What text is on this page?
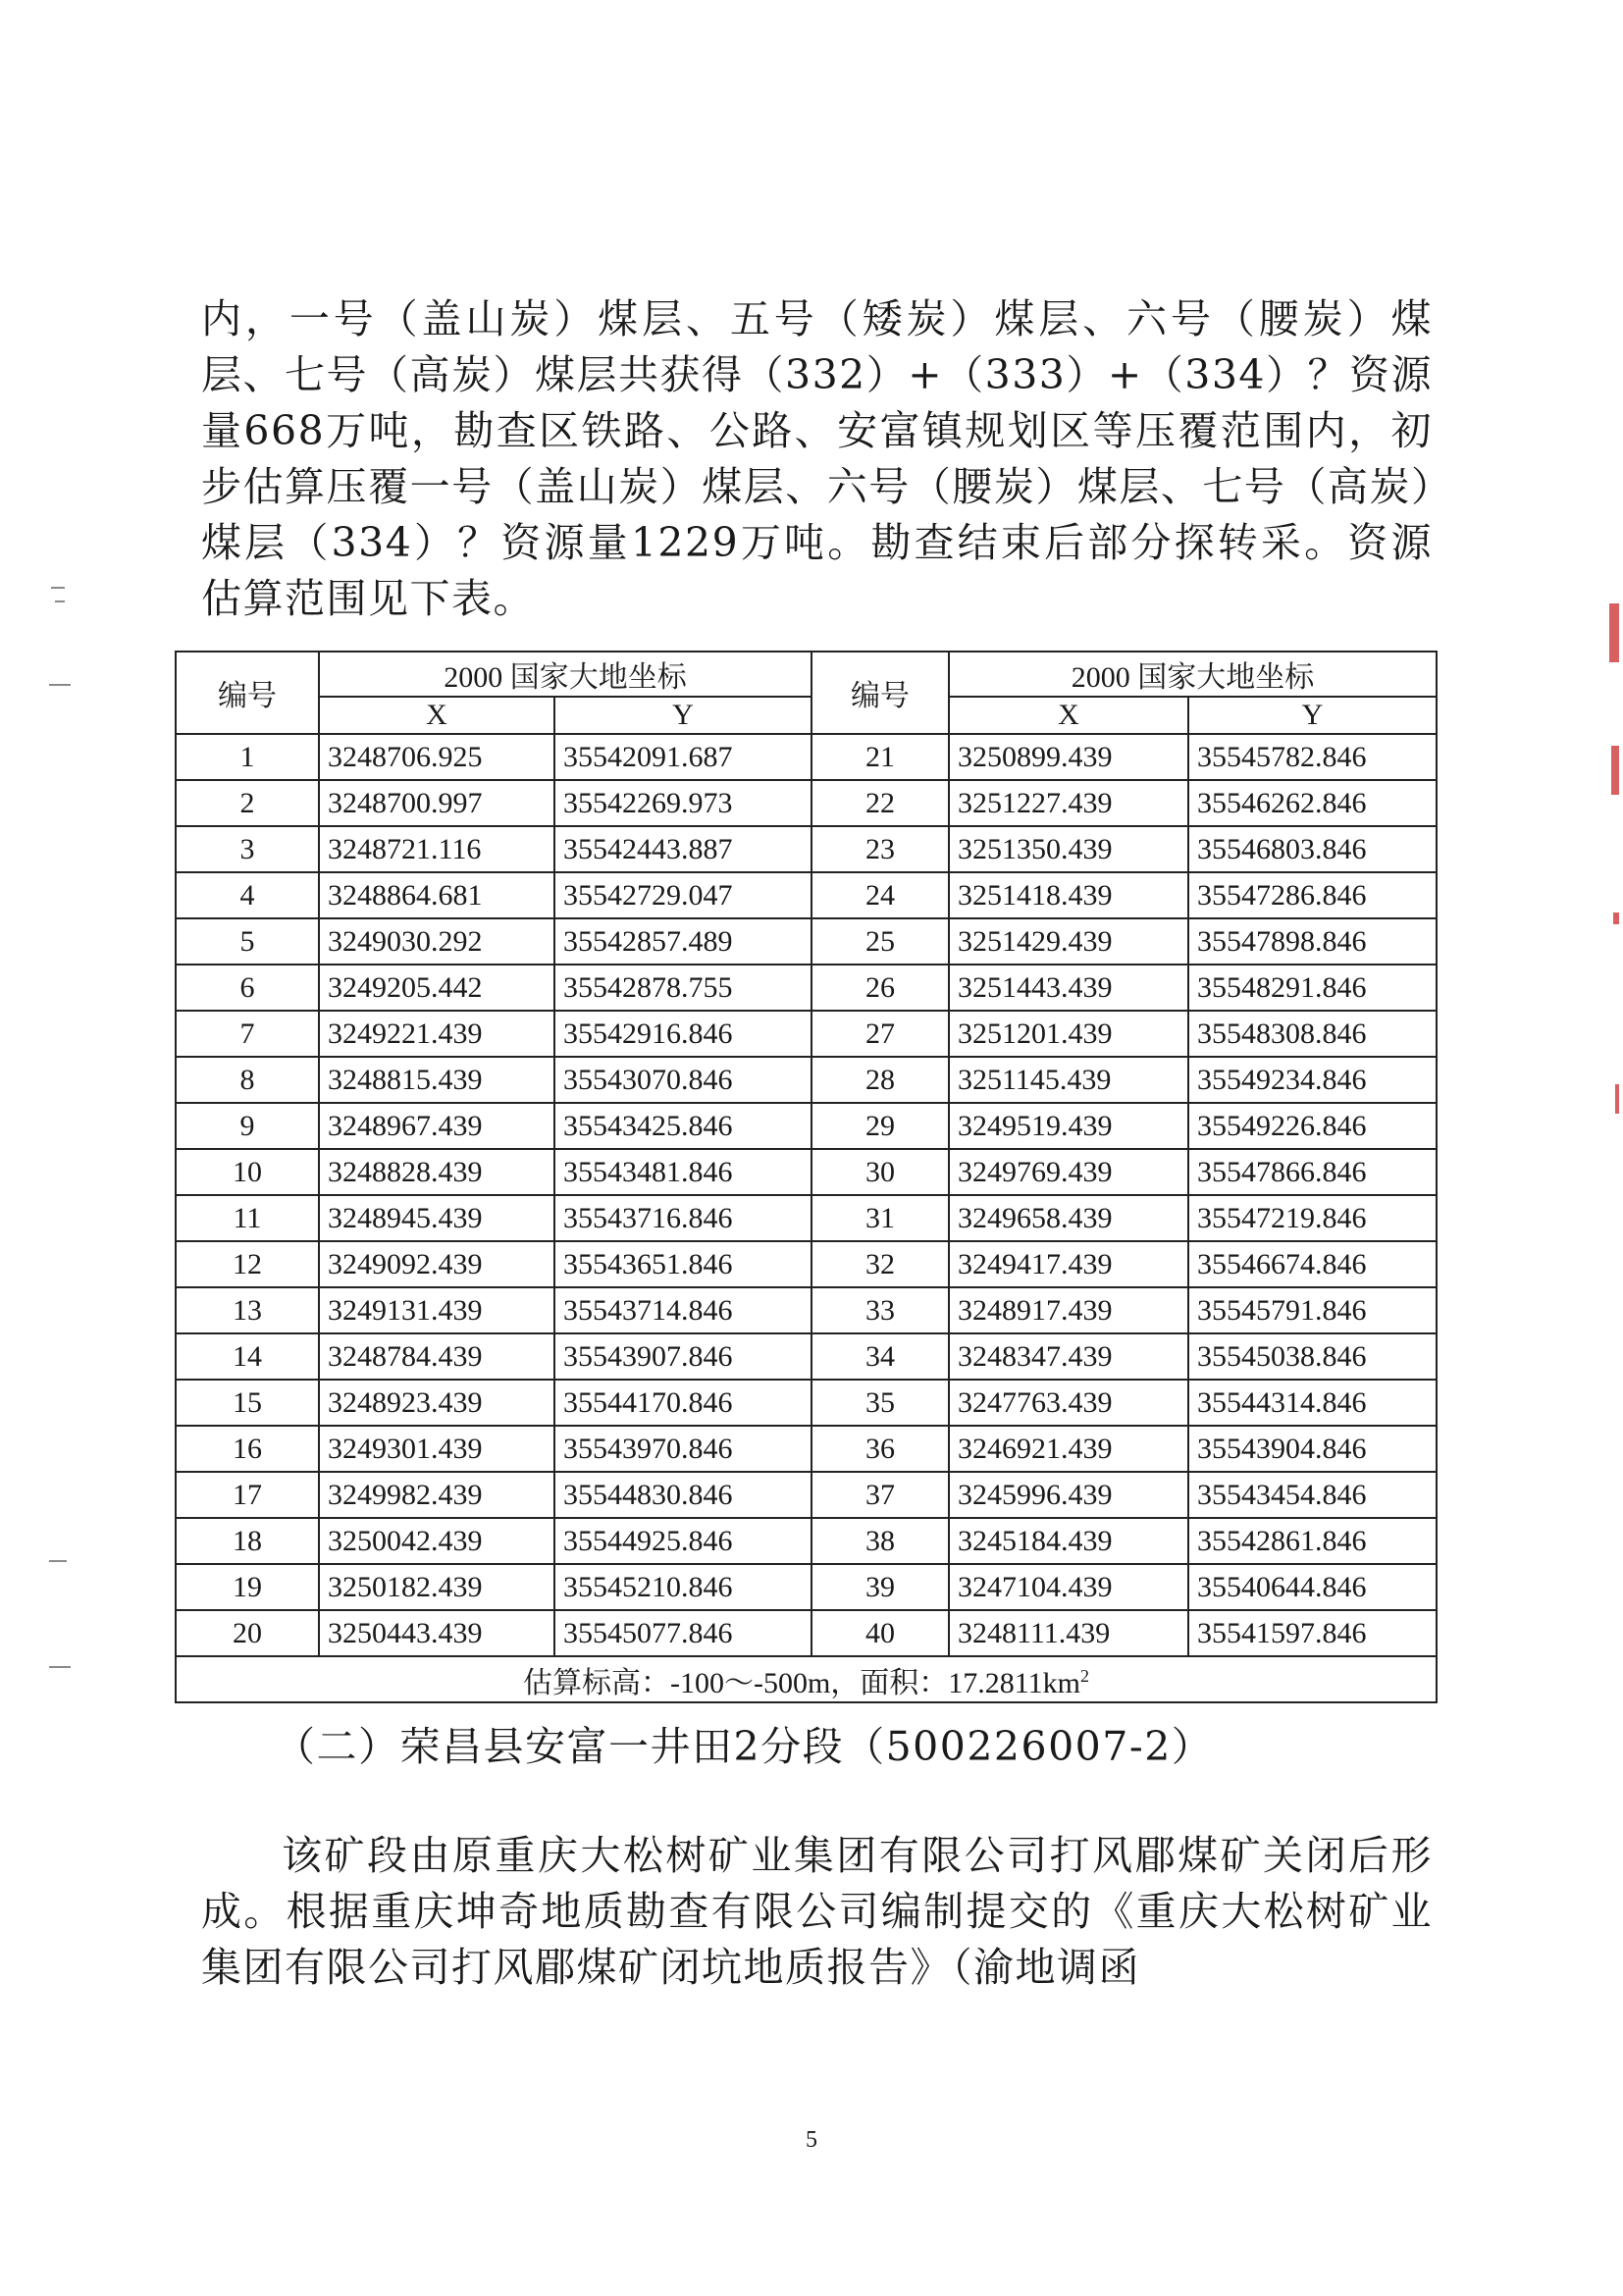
内，一号（盖山炭）煤层、五号（矮炭）煤层、六号（腰炭）煤层、七号（高炭）煤层共获得（332）+（333）+（334）？资源量668万吨，勘查区铁路、公路、安富镇规划区等压覆范围内，初步估算压覆一号（盖山炭）煤层、六号（腰炭）煤层、七号（高炭）煤层（334）？资源量1229万吨。勘查结束后部分探转采。资源估算范围见下表。

编号	2000 国家大地坐标		编号	2000 国家大地坐标	
	X	Y		X	Y
1	3248706.925	35542091.687	21	3250899.439	35545782.846
2	3248700.997	35542269.973	22	3251227.439	35546262.846
3	3248721.116	35542443.887	23	3251350.439	35546803.846
4	3248864.681	35542729.047	24	3251418.439	35547286.846
5	3249030.292	35542857.489	25	3251429.439	35547898.846
6	3249205.442	35542878.755	26	3251443.439	35548291.846
7	3249221.439	35542916.846	27	3251201.439	35548308.846
8	3248815.439	35543070.846	28	3251145.439	35549234.846
9	3248967.439	35543425.846	29	3249519.439	35549226.846
10	3248828.439	35543481.846	30	3249769.439	35547866.846
11	3248945.439	35543716.846	31	3249658.439	35547219.846
12	3249092.439	35543651.846	32	3249417.439	35546674.846
13	3249131.439	35543714.846	33	3248917.439	35545791.846
14	3248784.439	35543907.846	34	3248347.439	35545038.846
15	3248923.439	35544170.846	35	3247763.439	35544314.846
16	3249301.439	35543970.846	36	3246921.439	35543904.846
17	3249982.439	35544830.846	37	3245996.439	35543454.846
18	3250042.439	35544925.846	38	3245184.439	35542861.846
19	3250182.439	35545210.846	39	3247104.439	35540644.846
20	3250443.439	35545077.846	40	3248111.439	35541597.846
估算标高：-100～-500m，面积：$17.2811km^2$
（二）荣昌县安富一井田2分段（500226007-2）

该矿段由原重庆大松树矿业集团有限公司打风郿煤矿关闭后形成。根据重庆坤奇地质勘查有限公司编制提交的《重庆大松树矿业集团有限公司打风郿煤矿闭坑地质报告》（渝地调函

5
